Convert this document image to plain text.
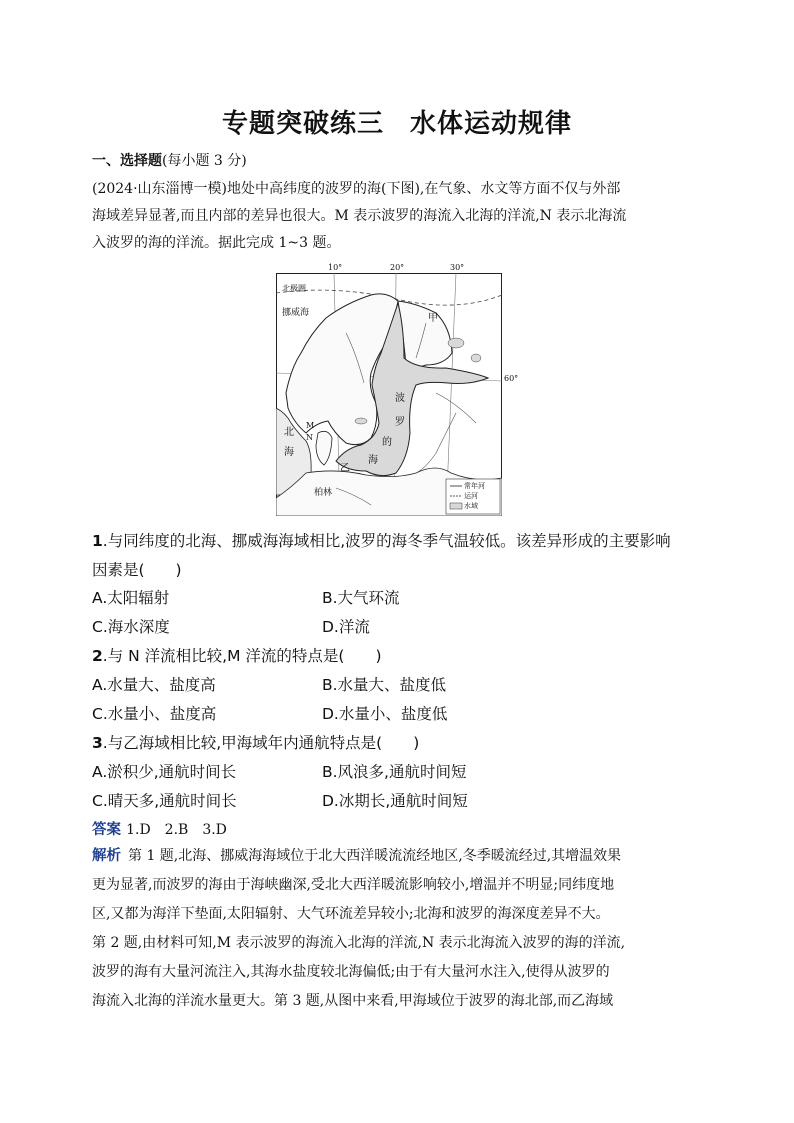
专题突破练三 水体运动规律
一、选择题(每小题 3 分)
(2024·山东淄博一模)地处中高纬度的波罗的海(下图),在气象、水文等方面不仅与外部
海域差异显著,而且内部的差异也很大。M 表示波罗的海流入北海的洋流,N 表示北海流
入波罗的海的洋流。据此完成 1~3 题。
10°	20°	30°
60°
北极圈
挪威海	甲
波
罗
的
海
北
海
乙
M
N
柏林
常年河
运河
水域
1.与同纬度的北海、挪威海海域相比,波罗的海冬季气温较低。该差异形成的主要影响
因素是(　　)
A.太阳辐射	B.大气环流
C.海水深度	D.洋流
2.与 N 洋流相比较,M 洋流的特点是(　　)
A.水量大、盐度高	B.水量大、盐度低
C.水量小、盐度高	D.水量小、盐度低
3.与乙海域相比较,甲海域年内通航特点是(　　)
A.淤积少,通航时间长	B.风浪多,通航时间短
C.晴天多,通航时间长	D.冰期长,通航时间短
答案 1.D　2.B　3.D
解析  第 1 题,北海、挪威海海域位于北大西洋暖流流经地区,冬季暖流经过,其增温效果
更为显著,而波罗的海由于海峡幽深,受北大西洋暖流影响较小,增温并不明显;同纬度地
区,又都为海洋下垫面,太阳辐射、大气环流差异较小;北海和波罗的海深度差异不大。
第 2 题,由材料可知,M 表示波罗的海流入北海的洋流,N 表示北海流入波罗的海的洋流,
波罗的海有大量河流注入,其海水盐度较北海偏低;由于有大量河水注入,使得从波罗的
海流入北海的洋流水量更大。第 3 题,从图中来看,甲海域位于波罗的海北部,而乙海域
